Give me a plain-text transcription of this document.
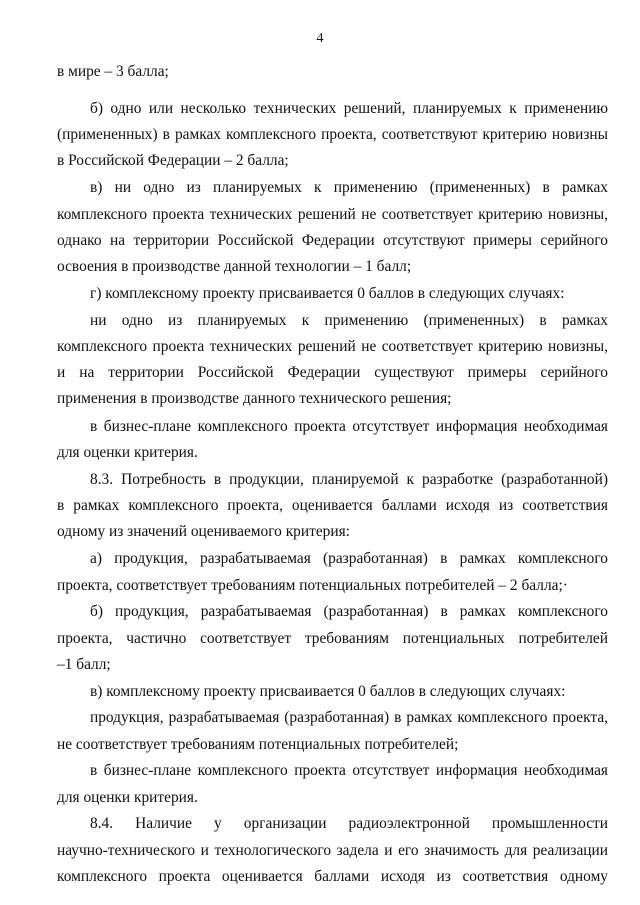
4
в мире – 3 балла;
б) одно или несколько технических решений, планируемых к применению
(примененных) в рамках комплексного проекта, соответствуют критерию новизны
в Российской Федерации – 2 балла;
в) ни одно из планируемых к применению (примененных) в рамках
комплексного проекта технических решений не соответствует критерию новизны,
однако на территории Российской Федерации отсутствуют примеры серийного
освоения в производстве данной технологии – 1 балл;
г) комплексному проекту присваивается 0 баллов в следующих случаях:
ни одно из планируемых к применению (примененных) в рамках
комплексного проекта технических решений не соответствует критерию новизны,
и на территории Российской Федерации существуют примеры серийного
применения в производстве данного технического решения;
в бизнес-плане комплексного проекта отсутствует информация необходимая
для оценки критерия.
8.3. Потребность в продукции, планируемой к разработке (разработанной)
в рамках комплексного проекта, оценивается баллами исходя из соответствия
одному из значений оцениваемого критерия:
а) продукция, разрабатываемая (разработанная) в рамках комплексного
проекта, соответствует требованиям потенциальных потребителей – 2 балла;·
б) продукция, разрабатываемая (разработанная) в рамках комплексного
проекта, частично соответствует требованиям потенциальных потребителей
–1 балл;
в) комплексному проекту присваивается 0 баллов в следующих случаях:
продукция, разрабатываемая (разработанная) в рамках комплексного проекта,
не соответствует требованиям потенциальных потребителей;
в бизнес-плане комплексного проекта отсутствует информация необходимая
для оценки критерия.
8.4. Наличие у организации радиоэлектронной промышленности
научно-технического и технологического задела и его значимость для реализации
комплексного проекта оценивается баллами исходя из соответствия одному
